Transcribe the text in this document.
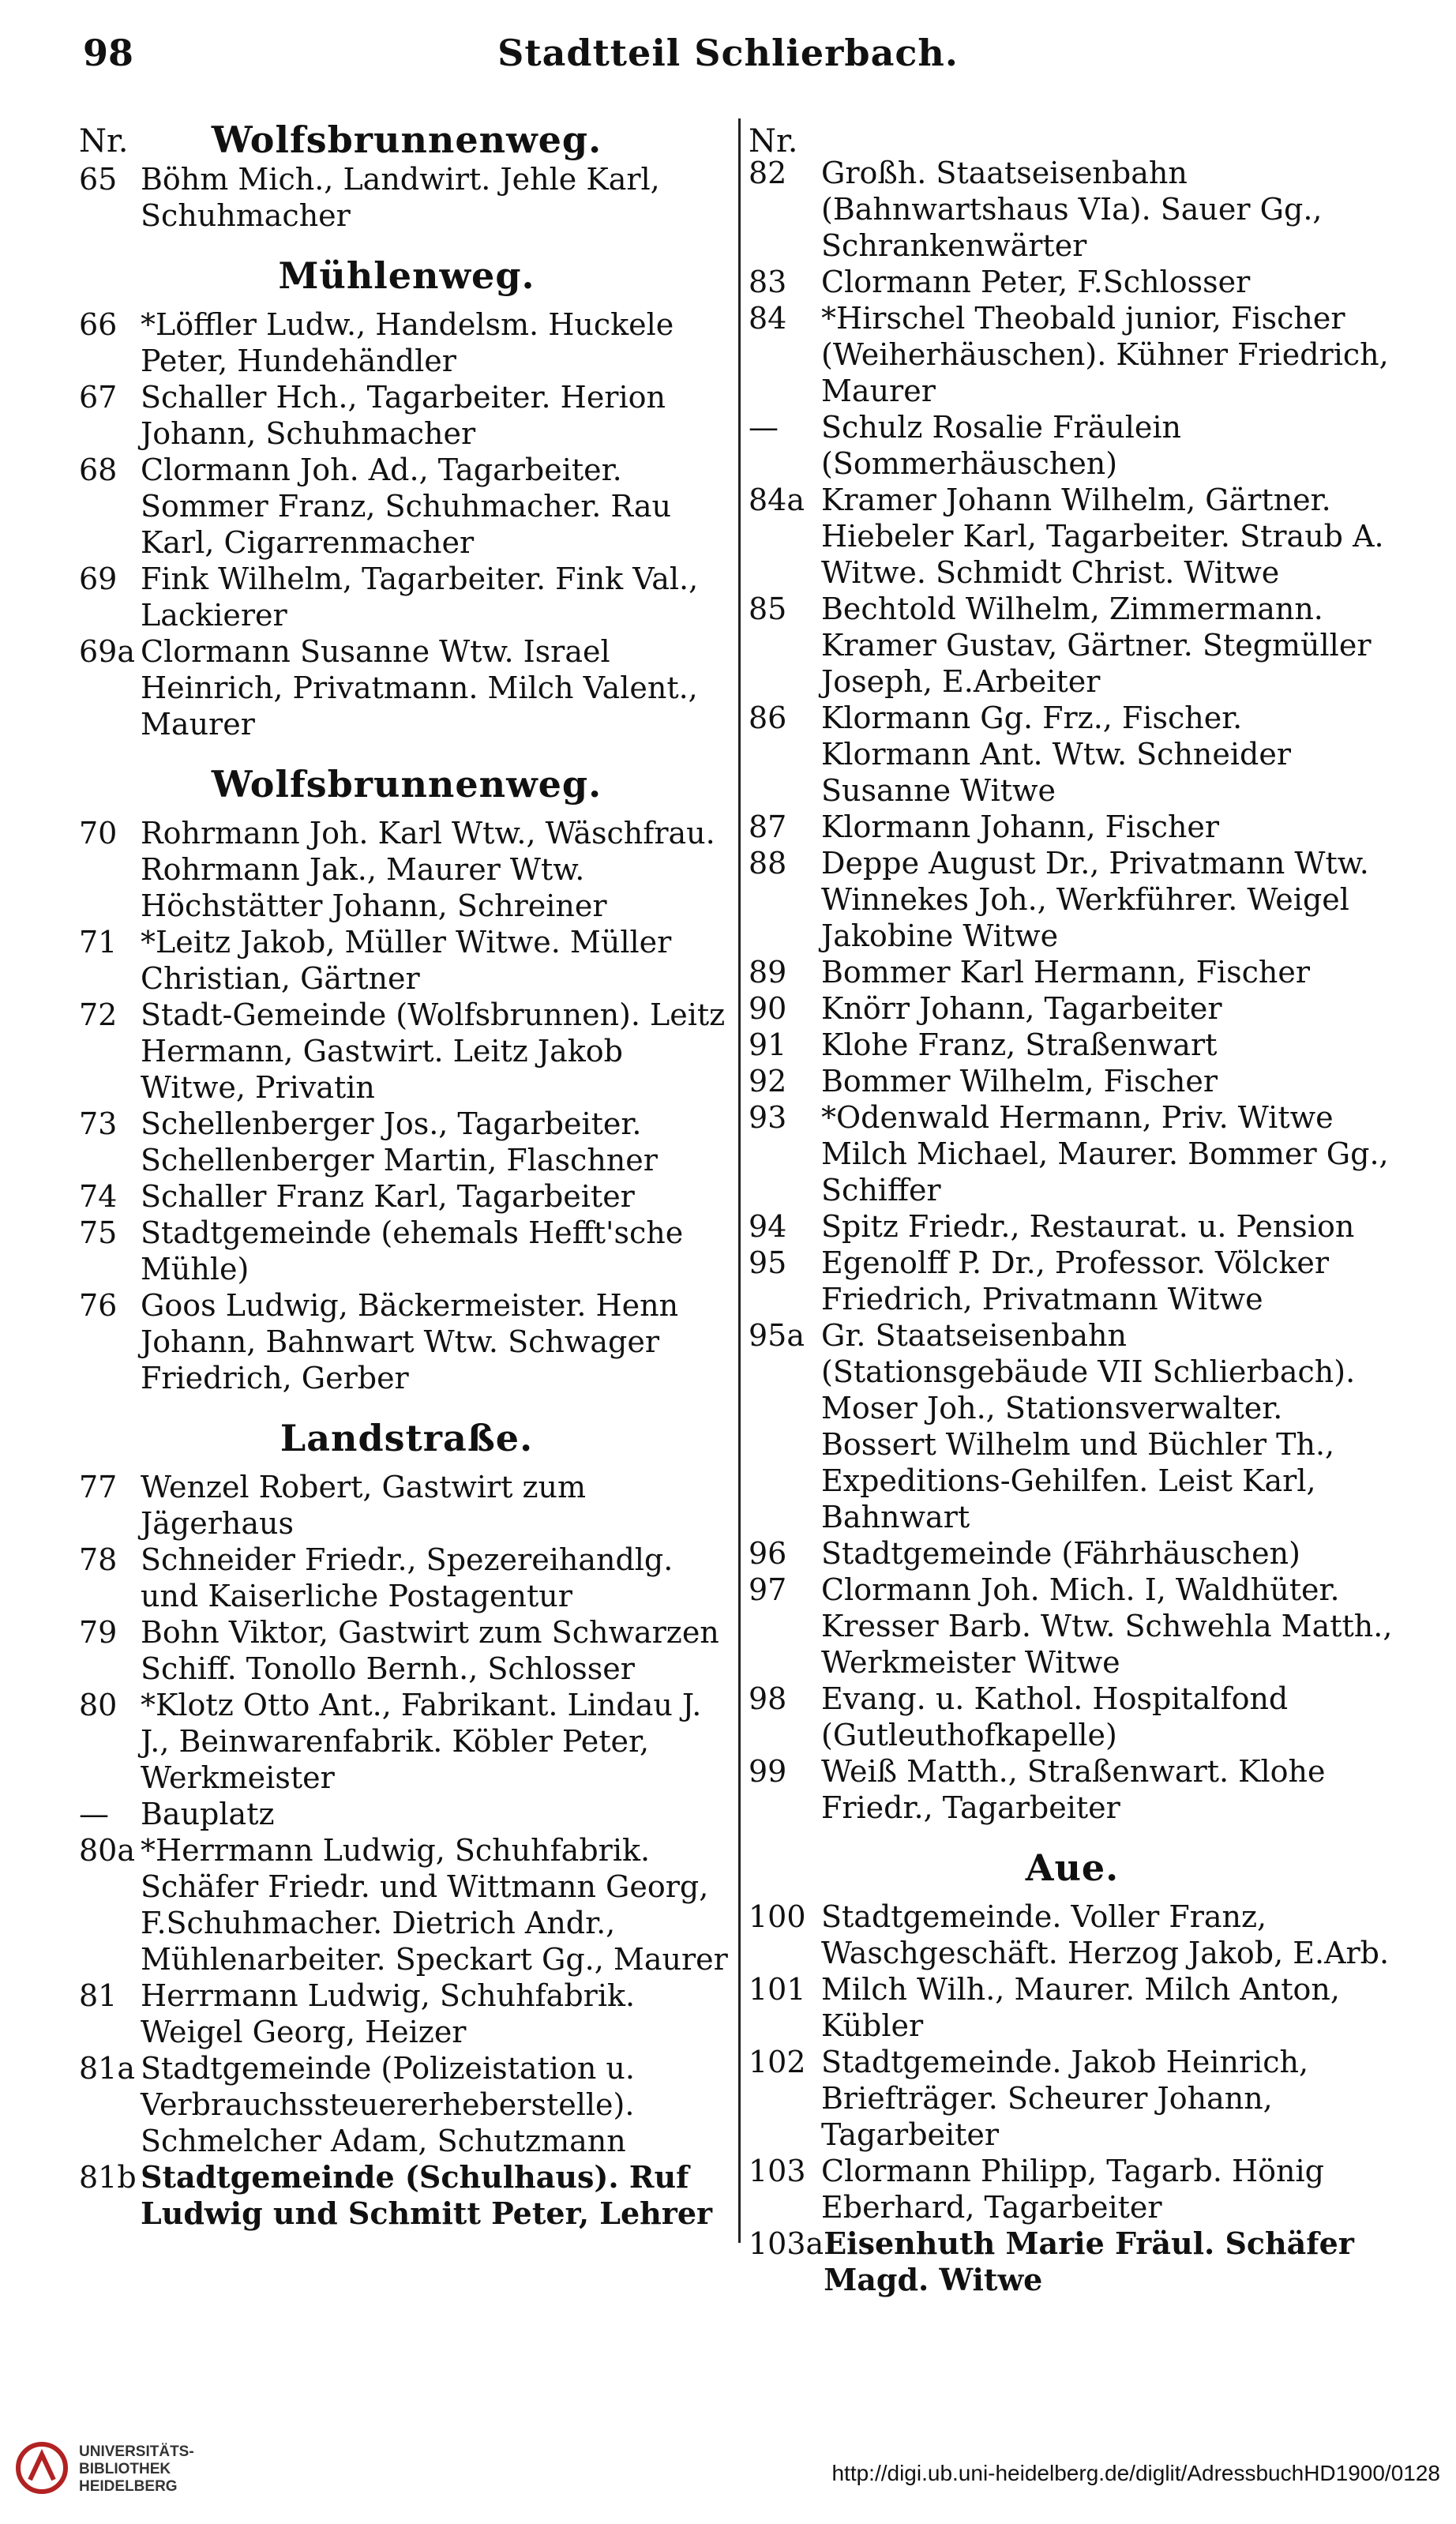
Stadtteil Schlierbach.
98
Nr.	Wolfsbrunnenweg.
65 Böhm Mich., Landwirt. Jehle Karl, Schuhmacher
Mühlenweg.
66 *Löffler Ludw., Handelsm. Huckele Peter, Hundehändler
67 Schaller Hch., Tagarbeiter. Herion Johann, Schuhmacher
68 Clormann Joh. Ad., Tagarbeiter. Sommer Franz, Schuhmacher. Rau Karl, Cigarrenmacher
69 Fink Wilhelm, Tagarbeiter. Fink Val., Lackierer
69a Clormann Susanne Wtw. Israel Heinrich, Privatmann. Milch Valent., Maurer
Wolfsbrunnenweg.
70 Rohrmann Joh. Karl Wtw., Wäschfrau. Rohrmann Jak., Maurer Wtw. Höchstätter Johann, Schreiner
71 *Leitz Jakob, Müller Witwe. Müller Christian, Gärtner
72 Stadt-Gemeinde (Wolfsbrunnen). Leitz Hermann, Gastwirt. Leitz Jakob Witwe, Privatin
73 Schellenberger Jos., Tagarbeiter. Schellenberger Martin, Flaschner
74 Schaller Franz Karl, Tagarbeiter
75 Stadtgemeinde (ehemals Hefft'sche Mühle)
76 Goos Ludwig, Bäckermeister. Henn Johann, Bahnwart Wtw. Schwager Friedrich, Gerber
Landstraße.
77 Wenzel Robert, Gastwirt zum Jägerhaus
78 Schneider Friedr., Spezereihandlg. und Kaiserliche Postagentur
79 Bohn Viktor, Gastwirt zum Schwarzen Schiff. Tonollo Bernh., Schlosser
80 *Klotz Otto Ant., Fabrikant. Lindau J. J., Beinwarenfabrik. Köbler Peter, Werkmeister
—	Bauplatz
80a *Herrmann Ludwig, Schuhfabrik. Schäfer Friedr. und Wittmann Georg, F.Schuhmacher. Dietrich Andr., Mühlenarbeiter. Speckart Gg., Maurer
81 Herrmann Ludwig, Schuhfabrik. Weigel Georg, Heizer
81a Stadtgemeinde (Polizeistation u. Verbrauchssteuererheberstelle). Schmelcher Adam, Schutzmann
81b Stadtgemeinde (Schulhaus). Ruf Ludwig und Schmitt Peter, Lehrer
Nr.
82	Großh. Staatseisenbahn (Bahnwartshaus VIa). Sauer Gg., Schrankenwärter
83	Clormann Peter, F.Schlosser
84	*Hirschel Theobald junior, Fischer (Weiherhäuschen). Kühner Friedrich, Maurer
—	Schulz Rosalie Fräulein (Sommerhäuschen)
84a Kramer Johann Wilhelm, Gärtner. Hiebeler Karl, Tagarbeiter. Straub A. Witwe. Schmidt Christ. Witwe
85	Bechtold Wilhelm, Zimmermann. Kramer Gustav, Gärtner. Stegmüller Joseph, E.Arbeiter
86	Klormann Gg. Frz., Fischer. Klormann Ant. Wtw. Schneider Susanne Witwe
87	Klormann Johann, Fischer
88	Deppe August Dr., Privatmann Wtw. Winnekes Joh., Werkführer. Weigel Jakobine Witwe
89	Bommer Karl Hermann, Fischer
90	Knörr Johann, Tagarbeiter
91	Klohe Franz, Straßenwart
92	Bommer Wilhelm, Fischer
93	*Odenwald Hermann, Priv. Witwe Milch Michael, Maurer. Bommer Gg., Schiffer
94	Spitz Friedr., Restaurat. u. Pension
95	Egenolff P. Dr., Professor. Völcker Friedrich, Privatmann Witwe
95a Gr. Staatseisenbahn (Stationsgebäude VII Schlierbach). Moser Joh., Stationsverwalter. Bossert Wilhelm und Büchler Th., Expeditions-Gehilfen. Leist Karl, Bahnwart
96	Stadtgemeinde (Fährhäuschen)
97	Clormann Joh. Mich. I, Waldhüter. Kresser Barb. Wtw. Schwehla Matth., Werkmeister Witwe
98	Evang. u. Kathol. Hospitalfond (Gutleuthofkapelle)
99	Weiß Matth., Straßenwart. Klohe Friedr., Tagarbeiter
Aue.
100 Stadtgemeinde. Voller Franz, Waschgeschäft. Herzog Jakob, E.Arb.
101 Milch Wilh., Maurer. Milch Anton, Kübler
102 Stadtgemeinde. Jakob Heinrich, Briefträger. Scheurer Johann, Tagarbeiter
103 Clormann Philipp, Tagarb. Hönig Eberhard, Tagarbeiter
103a Eisenhuth Marie Fräul. Schäfer Magd. Witwe
UNIVERSITÄTS-
BIBLIOTHEK
HEIDELBERG
http://digi.ub.uni-heidelberg.de/diglit/AdressbuchHD1900/0128
